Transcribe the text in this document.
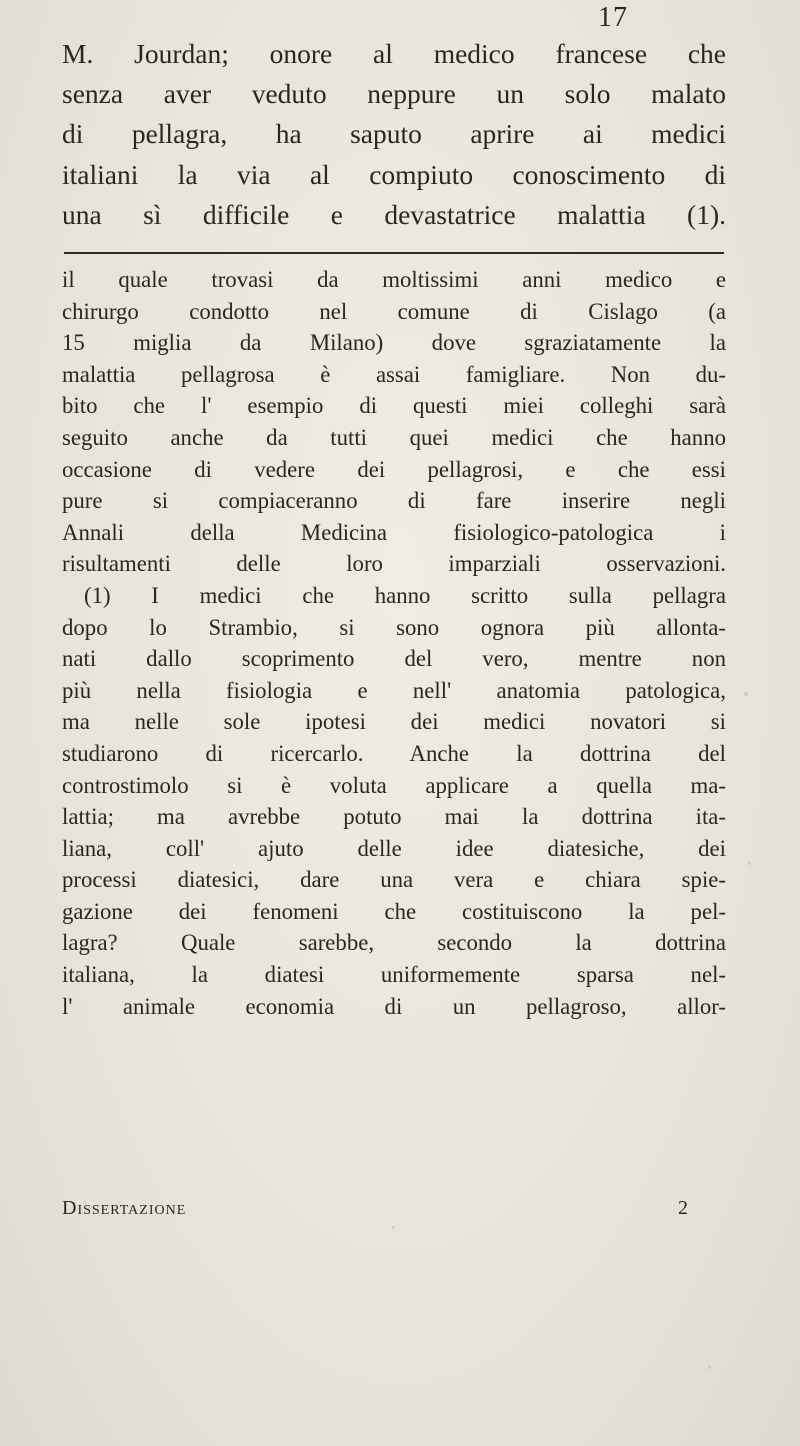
17
M. Jourdan; onore al medico francese che
senza aver veduto neppure un solo malato
di pellagra, ha saputo aprire ai medici
italiani la via al compiuto conoscimento di
una sì difficile e devastatrice malattia (1).
il quale trovasi da moltissimi anni medico e
chirurgo condotto nel comune di Cislago (a
15 miglia da Milano) dove sgraziatamente la
malattia pellagrosa è assai famigliare. Non du-
bito che l' esempio di questi miei colleghi sarà
seguito anche da tutti quei medici che hanno
occasione di vedere dei pellagrosi, e che essi
pure si compiaceranno di fare inserire negli
Annali della Medicina fisiologico-patologica i
risultamenti delle loro imparziali osservazioni.
(1) I medici che hanno scritto sulla pellagra
dopo lo Strambio, si sono ognora più allonta-
nati dallo scoprimento del vero, mentre non
più nella fisiologia e nell' anatomia patologica,
ma nelle sole ipotesi dei medici novatori si
studiarono di ricercarlo. Anche la dottrina del
controstimolo si è voluta applicare a quella ma-
lattia; ma avrebbe potuto mai la dottrina ita-
liana, coll' ajuto delle idee diatesiche, dei
processi diatesici, dare una vera e chiara spie-
gazione dei fenomeni che costituiscono la pel-
lagra? Quale sarebbe, secondo la dottrina
italiana, la diatesi uniformemente sparsa nel-
l' animale economia di un pellagroso, allor-
Dissertazione	2
